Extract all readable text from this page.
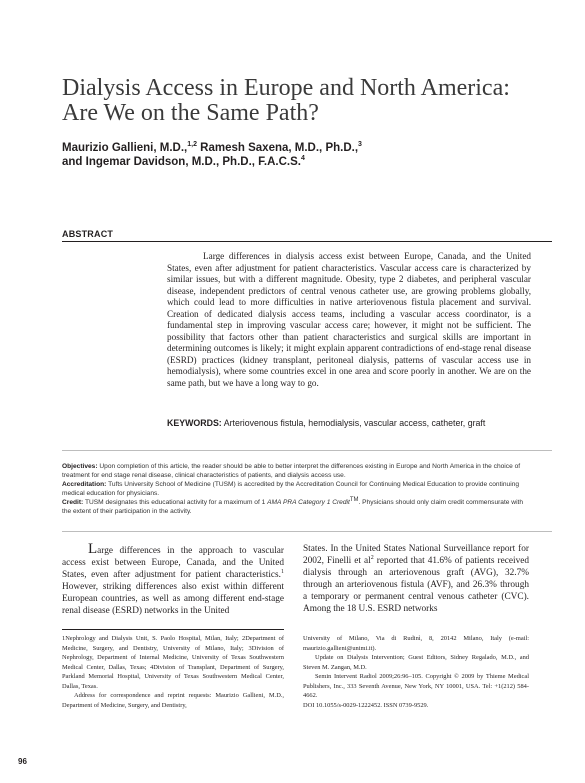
Dialysis Access in Europe and North America:
Are We on the Same Path?
Maurizio Gallieni, M.D.,$^{1,2}$ Ramesh Saxena, M.D., Ph.D.,$^3$
and Ingemar Davidson, M.D., Ph.D., F.A.C.S.$^4$
ABSTRACT

Large differences in dialysis access exist between Europe, Canada, and the United States, even after adjustment for patient characteristics. Vascular access care is characterized by similar issues, but with a different magnitude. Obesity, type 2 diabetes, and peripheral vascular disease, independent predictors of central venous catheter use, are growing problems globally, which could lead to more difficulties in native arteriovenous fistula placement and survival. Creation of dedicated dialysis access teams, including a vascular access coordinator, is a fundamental step in improving vascular access care; however, it might not be sufficient. The possibility that factors other than patient characteristics and surgical skills are important in determining outcomes is likely; it might explain apparent contradictions of end-stage renal disease (ESRD) practices (kidney transplant, peritoneal dialysis, patterns of vascular access use in hemodialysis), where some countries excel in one area and score poorly in another. We are on the same path, but we have a long way to go.

KEYWORDS: Arteriovenous fistula, hemodialysis, vascular access, catheter, graft

Objectives: Upon completion of this article, the reader should be able to better interpret the differences existing in Europe and North America in the choice of treatment for end stage renal disease, clinical characteristics of patients, and dialysis access use.

Accreditation: Tufts University School of Medicine (TUSM) is accredited by the Accreditation Council for Continuing Medical Education to provide continuing medical education for physicians.

Credit: TUSM designates this educational activity for a maximum of 1 AMA PRA Category 1 Credit™. Physicians should only claim credit commensurate with the extent of their participation in the activity.

Large differences in the approach to vascular access exist between Europe, Canada, and the United States, even after adjustment for patient characteristics.$^1$ However, striking differences also exist within different European countries, as well as among different end-stage renal disease (ESRD) networks in the United

States. In the United States National Surveillance report for 2002, Finelli et $al^2$ reported that 41.6% of patients received dialysis through an arteriovenous graft (AVG), 32.7% through an arteriovenous fistula (AVF), and 26.3% through a temporary or permanent central venous catheter (CVC). Among the 18 U.S. ESRD networks

1Nephrology and Dialysis Unit, S. Paolo Hospital, Milan, Italy; 2Department of Medicine, Surgery, and Dentistry, University of Milano, Italy; 3Division of Nephrology, Department of Internal Medicine, University of Texas Southwestern Medical Center, Dallas, Texas; 4Division of Transplant, Department of Surgery, Parkland Memorial Hospital, University of Texas Southwestern Medical Center, Dallas, Texas.

Address for correspondence and reprint requests: Maurizio Gallieni, M.D., Department of Medicine, Surgery, and Dentistry,

University of Milano, Via di Rudinì, 8, 20142 Milano, Italy (e-mail: maurizio.gallieni@unimi.it).

Update on Dialysis Intervention; Guest Editors, Sidney Regalado, M.D., and Steven M. Zangan, M.D.

Semin Intervent Radiol 2009;26:96–105. Copyright © 2009 by Thieme Medical Publishers, Inc., 333 Seventh Avenue, New York, NY 10001, USA. Tel: +1(212) 584-4662.

DOI 10.1055/s-0029-1222452. ISSN 0739-9529.

96
